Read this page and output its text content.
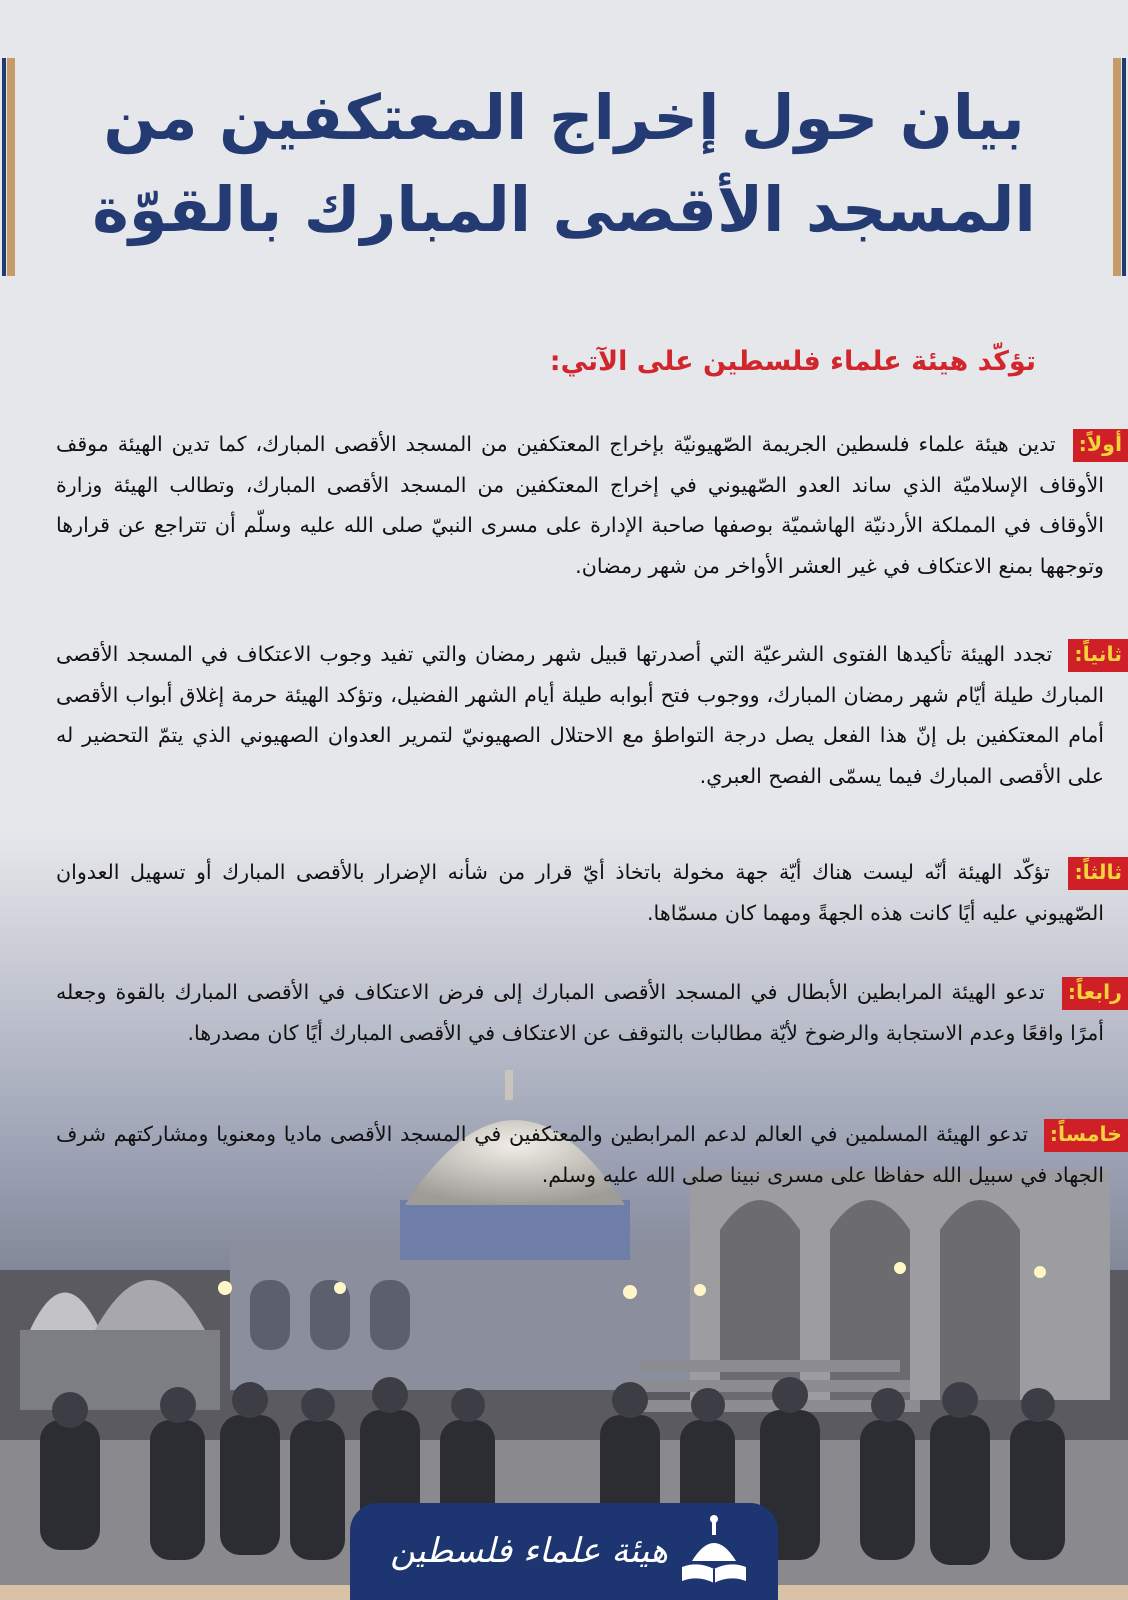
بيان حول إخراج المعتكفين من
المسجد الأقصى المبارك بالقوّة
تؤكّد هيئة علماء فلسطين على الآتي:
أولاً: تدين هيئة علماء فلسطين الجريمة الصّهيونيّة بإخراج المعتكفين من المسجد الأقصى المبارك، كما تدين الهيئة موقف الأوقاف الإسلاميّة الذي ساند العدو الصّهيوني في إخراج المعتكفين من المسجد الأقصى المبارك، وتطالب الهيئة وزارة الأوقاف في المملكة الأردنيّة الهاشميّة بوصفها صاحبة الإدارة على مسرى النبيّ صلى الله عليه وسلّم أن تتراجع عن قرارها وتوجهها بمنع الاعتكاف في غير العشر الأواخر من شهر رمضان.
ثانياً: تجدد الهيئة تأكيدها الفتوى الشرعيّة التي أصدرتها قبيل شهر رمضان والتي تفيد وجوب الاعتكاف في المسجد الأقصى المبارك طيلة أيّام شهر رمضان المبارك، ووجوب فتح أبوابه طيلة أيام الشهر الفضيل، وتؤكد الهيئة حرمة إغلاق أبواب الأقصى أمام المعتكفين بل إنّ هذا الفعل يصل درجة التواطؤ مع الاحتلال الصهيونيّ لتمرير العدوان الصهيوني الذي يتمّ التحضير له على الأقصى المبارك فيما يسمّى الفصح العبري.
ثالثاً: تؤكّد الهيئة أنّه ليست هناك أيّة جهة مخولة باتخاذ أيّ قرار من شأنه الإضرار بالأقصى المبارك أو تسهيل العدوان الصّهيوني عليه أيًا كانت هذه الجهةً ومهما كان مسمّاها.
رابعاً: تدعو الهيئة المرابطين الأبطال في المسجد الأقصى المبارك إلى فرض الاعتكاف في الأقصى المبارك بالقوة وجعله أمرًا واقعًا وعدم الاستجابة والرضوخ لأيّة مطالبات بالتوقف عن الاعتكاف في الأقصى المبارك أيًا كان مصدرها.
خامساً: تدعو الهيئة المسلمين في العالم لدعم المرابطين والمعتكفين في المسجد الأقصى ماديا ومعنويا ومشاركتهم شرف الجهاد في سبيل الله حفاظا على مسرى نبينا صلى الله عليه وسلم.
هيئة علماء فلسطين
